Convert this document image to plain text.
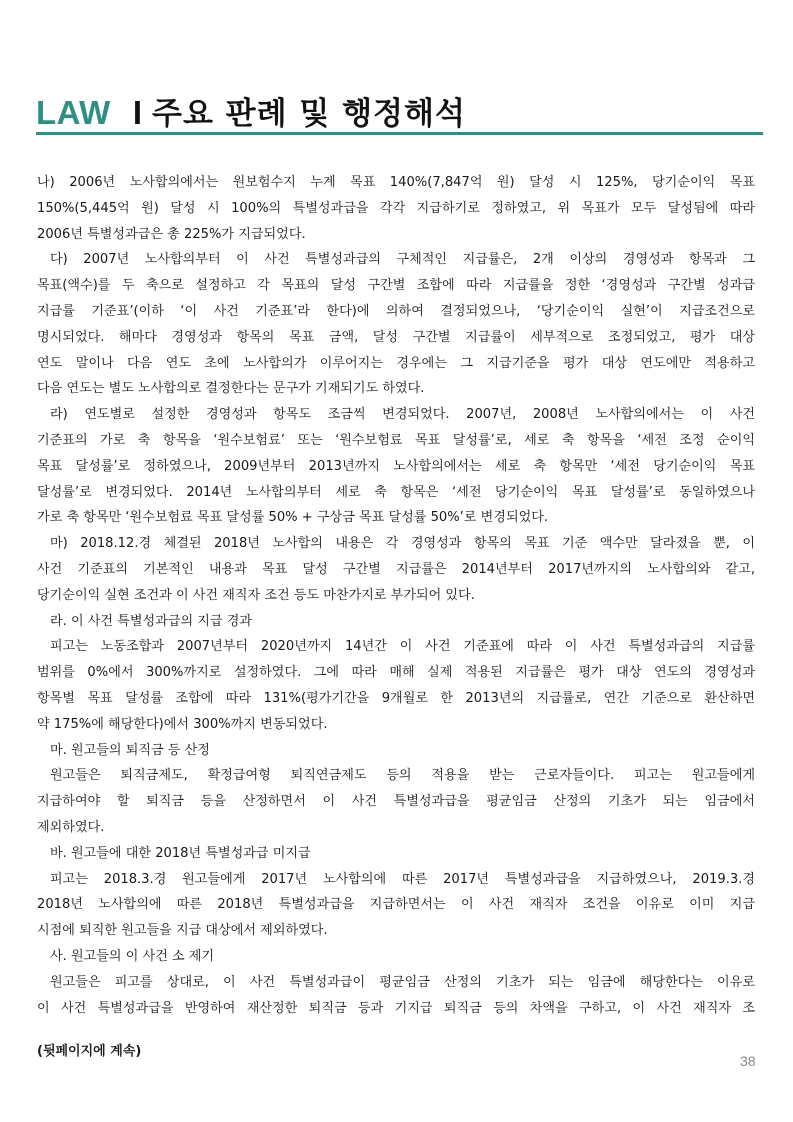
LAW I 주요 판례 및 행정해석
나) 2006년 노사합의에서는 원보험수지 누계 목표 140%(7,847억 원) 달성 시 125%, 당기순이익 목표
150%(5,445억 원) 달성 시 100%의 특별성과급을 각각 지급하기로 정하였고, 위 목표가 모두 달성됨에 따라
2006년 특별성과급은 총 225%가 지급되었다.
다) 2007년 노사합의부터 이 사건 특별성과급의 구체적인 지급률은, 2개 이상의 경영성과 항목과 그
목표(액수)를 두 축으로 설정하고 각 목표의 달성 구간별 조합에 따라 지급률을 정한 ‘경영성과 구간별 성과급
지급률 기준표’(이하 ‘이 사건 기준표’라 한다)에 의하여 결정되었으나, ‘당기순이익 실현’이 지급조건으로
명시되었다. 해마다 경영성과 항목의 목표 금액, 달성 구간별 지급률이 세부적으로 조정되었고, 평가 대상
연도 말이나 다음 연도 초에 노사합의가 이루어지는 경우에는 그 지급기준을 평가 대상 연도에만 적용하고
다음 연도는 별도 노사합의로 결정한다는 문구가 기재되기도 하였다.
라) 연도별로 설정한 경영성과 항목도 조금씩 변경되었다. 2007년, 2008년 노사합의에서는 이 사건
기준표의 가로 축 항목을 ‘원수보험료’ 또는 ‘원수보험료 목표 달성률’로, 세로 축 항목을 ‘세전 조정 순이익
목표 달성률’로 정하였으나, 2009년부터 2013년까지 노사합의에서는 세로 축 항목만 ‘세전 당기순이익 목표
달성률’로 변경되었다. 2014년 노사합의부터 세로 축 항목은 ‘세전 당기순이익 목표 달성률’로 동일하였으나
가로 축 항목만 ‘원수보험료 목표 달성률 50% + 구상금 목표 달성률 50%’로 변경되었다.
마) 2018.12.경 체결된 2018년 노사합의 내용은 각 경영성과 항목의 목표 기준 액수만 달라졌을 뿐, 이
사건 기준표의 기본적인 내용과 목표 달성 구간별 지급률은 2014년부터 2017년까지의 노사합의와 같고,
당기순이익 실현 조건과 이 사건 재직자 조건 등도 마찬가지로 부가되어 있다.
라. 이 사건 특별성과급의 지급 경과
피고는 노동조합과 2007년부터 2020년까지 14년간 이 사건 기준표에 따라 이 사건 특별성과급의 지급률
범위를 0%에서 300%까지로 설정하였다. 그에 따라 매해 실제 적용된 지급률은 평가 대상 연도의 경영성과
항목별 목표 달성률 조합에 따라 131%(평가기간을 9개월로 한 2013년의 지급률로, 연간 기준으로 환산하면
약 175%에 해당한다)에서 300%까지 변동되었다.
마. 원고들의 퇴직금 등 산정
원고들은 퇴직금제도, 확정급여형 퇴직연금제도 등의 적용을 받는 근로자들이다. 피고는 원고들에게
지급하여야 할 퇴직금 등을 산정하면서 이 사건 특별성과급을 평균임금 산정의 기초가 되는 임금에서
제외하였다.
바. 원고들에 대한 2018년 특별성과급 미지급
피고는 2018.3.경 원고들에게 2017년 노사합의에 따른 2017년 특별성과급을 지급하였으나, 2019.3.경
2018년 노사합의에 따른 2018년 특별성과급을 지급하면서는 이 사건 재직자 조건을 이유로 이미 지급
시점에 퇴직한 원고들을 지급 대상에서 제외하였다.
사. 원고들의 이 사건 소 제기
원고들은 피고를 상대로, 이 사건 특별성과급이 평균임금 산정의 기초가 되는 임금에 해당한다는 이유로
이 사건 특별성과급을 반영하여 재산정한 퇴직금 등과 기지급 퇴직금 등의 차액을 구하고, 이 사건 재직자 조
(뒷페이지에 계속)
38
